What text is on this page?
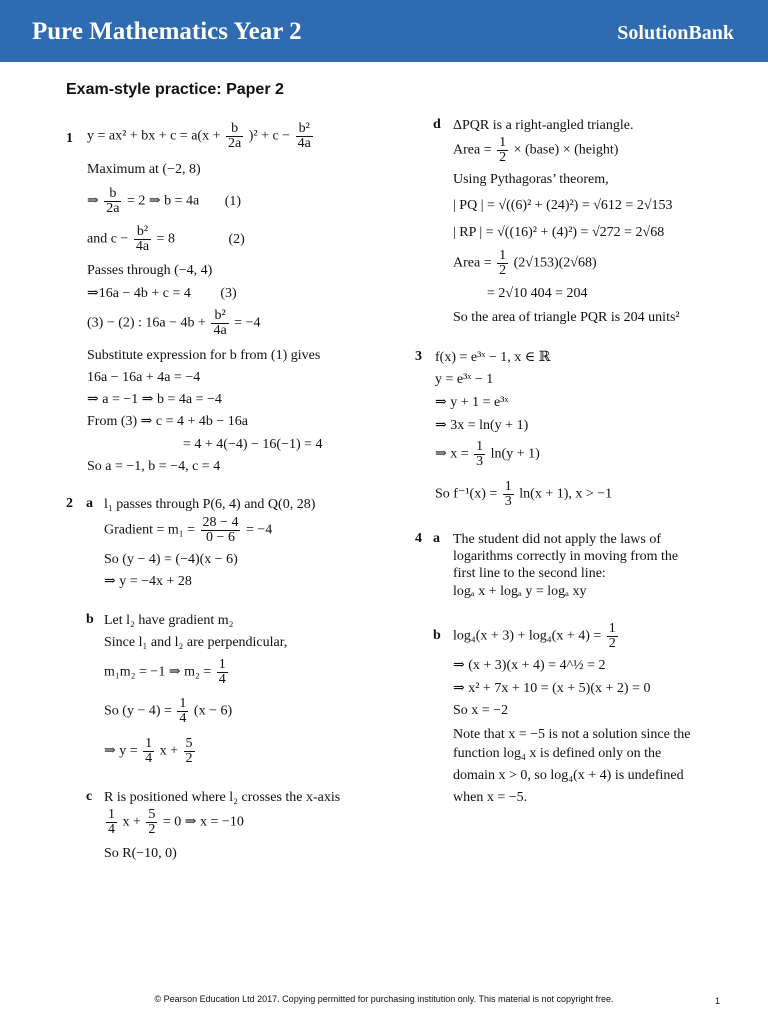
Pure Mathematics Year 2	SolutionBank
Exam-style practice: Paper 2
1 y = ax² + bx + $c = a(x + \frac{b}{2a} )^2 + c - \frac{\text{b²}}{4a}$
Maximum at (−2, 8)
⇒ $\frac{b}{2a} = 2$ ⇒ b = 4a (1)
and $c - \frac{\text{b²}}{4a} = 8$	(2)
Passes through (−4, 4)
⇒16a − 4b + c = 4 (3)
(3) − (2) : $16a - 4b + \frac{\text{b²}}{4a} = -4$
Substitute expression for b from (1) gives
16a − 16a + 4a = −4
⇒ a = −1 ⇒ b = 4a = −4
From (3) ⇒ c = 4 + 4b − 16a
= 4 + 4(−4) − 16(−1) = 4
So a = −1, b = −4, c = 4
2 a l₁ passes through P(6, 4) and Q(0, 28)
Gradient = $m_1 = \frac{28 - 4}{0 - 6} = -4$
So (y − 4) = (−4)(x − 6)
⇒ y = −4x + 28
b Let l₂ have gradient m₂
Since l₁ and l₂ are perpendicular,
m₁m₂ = −1 ⇒ $m_2 = \frac{1}{4}$
So $(y - 4) = \frac{1}{4} (x - 6)$
⇒ $y = \frac{1}{4}$ $x + \frac{5}{2}$
c R is positioned where l₂ crosses the x-axis
$\frac{1}{4}$ $x + \frac{5}{2} = 0$ ⇒ x = −10
So R(−10, 0)
d ΔPQR is a right-angled triangle.
Area = $\frac{1}{2}$ × (base) × (height)
Using Pythagoras’ theorem,
| PQ | = √((6)² + (24)²) = √612 = 2√153
| RP | = √((16)² + (4)²) = √272 = 2√68
Area = $\frac{1}{2} (2√153)(2√68)$
= 2√10 404 = 204
So the area of triangle PQR is 204 units²
3 f(x) = e³ˣ − 1, x ∈ ℝ
y = e³ˣ − 1
⇒ y + 1 = e³ˣ
⇒ 3x = ln(y + 1)
⇒ $x = \frac{1}{3} \ln(y + 1)$
So $f^{-1}(x) = \frac{1}{3} \ln(x + 1)$, x > −1
4 a The student did not apply the laws of
logarithms correctly in moving from the
first line to the second line:
logₐ x + logₐ y = logₐ xy
b $\log_4(x + 3) + \log_4(x + 4) = \frac{1}{2}$
⇒ (x + 3)(x + 4) = 4^½ = 2
⇒ x² + 7x + 10 = (x + 5)(x + 2) = 0
So x = −2
Note that x = −5 is not a solution since the
function log₄ x is defined only on the
domain x > 0, so log₄(x + 4) is undefined
when x = −5.
© Pearson Education Ltd 2017. Copying permitted for purchasing institution only. This material is not copyright free.	1
